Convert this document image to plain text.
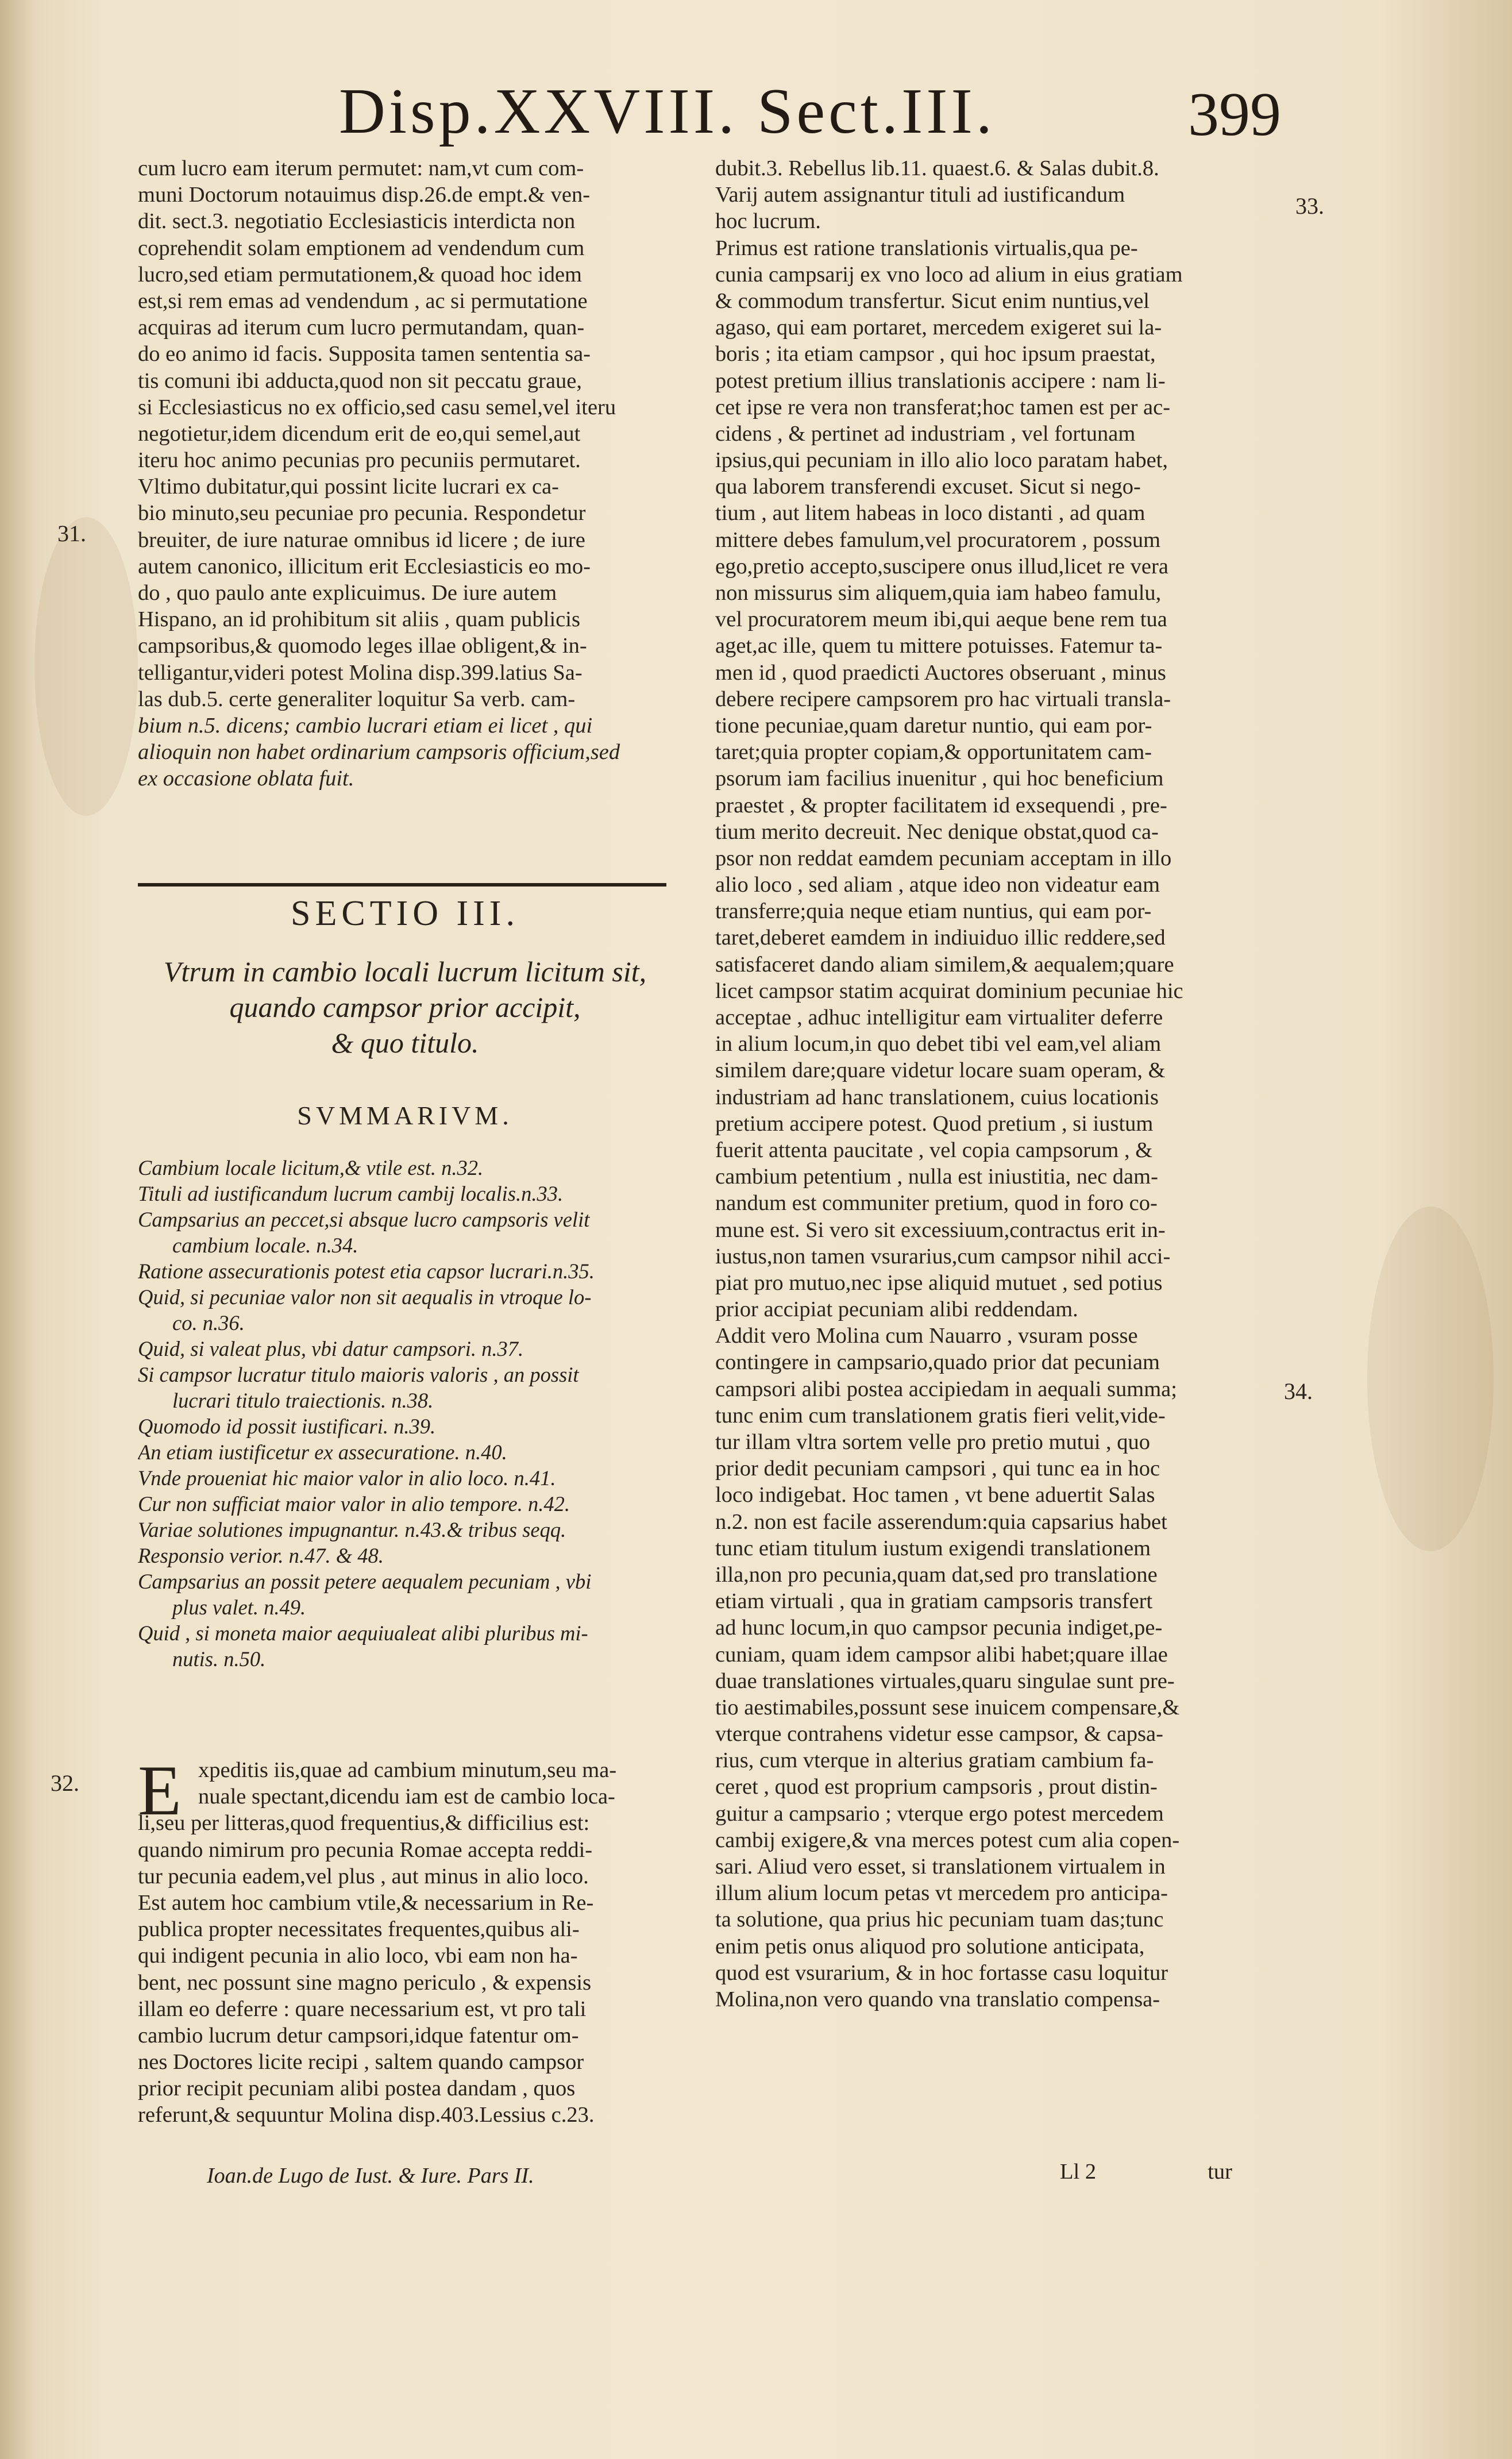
Disp.XXVIII. Sect.III.	399
31.
32.
33.
34.
cum lucro eam iterum permutet: nam,vt cum com-
muni Doctorum notauimus disp.26.de empt.& ven-
dit. sect.3. negotiatio Ecclesiasticis interdicta non
coprehendit solam emptionem ad vendendum cum
lucro,sed etiam permutationem,& quoad hoc idem
est,si rem emas ad vendendum , ac si permutatione
acquiras ad iterum cum lucro permutandam, quan-
do eo animo id facis. Supposita tamen sententia sa-
tis comuni ibi adducta,quod non sit peccatu graue,
si Ecclesiasticus no ex officio,sed casu semel,vel iteru
negotietur,idem dicendum erit de eo,qui semel,aut
iteru hoc animo pecunias pro pecuniis permutaret.
Vltimo dubitatur,qui possint licite lucrari ex ca-
bio minuto,seu pecuniae pro pecunia. Respondetur
breuiter, de iure naturae omnibus id licere ; de iure
autem canonico, illicitum erit Ecclesiasticis eo mo-
do , quo paulo ante explicuimus. De iure autem
Hispano, an id prohibitum sit aliis , quam publicis
campsoribus,& quomodo leges illae obligent,& in-
telligantur,videri potest Molina disp.399.latius Sa-
las dub.5. certe generaliter loquitur Sa verb. cam-
bium n.5. dicens; cambio lucrari etiam ei licet , qui
alioquin non habet ordinarium campsoris officium,sed
ex occasione oblata fuit.
SECTIO III.
Vtrum in cambio locali lucrum licitum sit,
quando campsor prior accipit,
& quo titulo.
SVMMARIVM.
Cambium locale licitum,& vtile est. n.32.
Tituli ad iustificandum lucrum cambij localis.n.33.
Campsarius an peccet,si absque lucro campsoris velit
cambium locale. n.34.
Ratione assecurationis potest etia capsor lucrari.n.35.
Quid, si pecuniae valor non sit aequalis in vtroque lo-
co. n.36.
Quid, si valeat plus, vbi datur campsori. n.37.
Si campsor lucratur titulo maioris valoris , an possit
lucrari titulo traiectionis. n.38.
Quomodo id possit iustificari. n.39.
An etiam iustificetur ex assecuratione. n.40.
Vnde proueniat hic maior valor in alio loco. n.41.
Cur non sufficiat maior valor in alio tempore. n.42.
Variae solutiones impugnantur. n.43.& tribus seqq.
Responsio verior. n.47. & 48.
Campsarius an possit petere aequalem pecuniam , vbi
plus valet. n.49.
Quid , si moneta maior aequiualeat alibi pluribus mi-
nutis. n.50.
E xpeditis iis,quae ad cambium minutum,seu ma-
nuale spectant,dicendu iam est de cambio loca-
li,seu per litteras,quod frequentius,& difficilius est:
quando nimirum pro pecunia Romae accepta reddi-
tur pecunia eadem,vel plus , aut minus in alio loco.
Est autem hoc cambium vtile,& necessarium in Re-
publica propter necessitates frequentes,quibus ali-
qui indigent pecunia in alio loco, vbi eam non ha-
bent, nec possunt sine magno periculo , & expensis
illam eo deferre : quare necessarium est, vt pro tali
cambio lucrum detur campsori,idque fatentur om-
nes Doctores licite recipi , saltem quando campsor
prior recipit pecuniam alibi postea dandam , quos
referunt,& sequuntur Molina disp.403.Lessius c.23.
Ioan.de Lugo de Iust. & Iure. Pars II.
dubit.3. Rebellus lib.11. quaest.6. & Salas dubit.8.
Varij autem assignantur tituli ad iustificandum
hoc lucrum.
Primus est ratione translationis virtualis,qua pe-
cunia campsarij ex vno loco ad alium in eius gratiam
& commodum transfertur. Sicut enim nuntius,vel
agaso, qui eam portaret, mercedem exigeret sui la-
boris ; ita etiam campsor , qui hoc ipsum praestat,
potest pretium illius translationis accipere : nam li-
cet ipse re vera non transferat;hoc tamen est per ac-
cidens , & pertinet ad industriam , vel fortunam
ipsius,qui pecuniam in illo alio loco paratam habet,
qua laborem transferendi excuset. Sicut si nego-
tium , aut litem habeas in loco distanti , ad quam
mittere debes famulum,vel procuratorem , possum
ego,pretio accepto,suscipere onus illud,licet re vera
non missurus sim aliquem,quia iam habeo famulu,
vel procuratorem meum ibi,qui aeque bene rem tua
aget,ac ille, quem tu mittere potuisses. Fatemur ta-
men id , quod praedicti Auctores obseruant , minus
debere recipere campsorem pro hac virtuali transla-
tione pecuniae,quam daretur nuntio, qui eam por-
taret;quia propter copiam,& opportunitatem cam-
psorum iam facilius inuenitur , qui hoc beneficium
praestet , & propter facilitatem id exsequendi , pre-
tium merito decreuit. Nec denique obstat,quod ca-
psor non reddat eamdem pecuniam acceptam in illo
alio loco , sed aliam , atque ideo non videatur eam
transferre;quia neque etiam nuntius, qui eam por-
taret,deberet eamdem in indiuiduo illic reddere,sed
satisfaceret dando aliam similem,& aequalem;quare
licet campsor statim acquirat dominium pecuniae hic
acceptae , adhuc intelligitur eam virtualiter deferre
in alium locum,in quo debet tibi vel eam,vel aliam
similem dare;quare videtur locare suam operam, &
industriam ad hanc translationem, cuius locationis
pretium accipere potest. Quod pretium , si iustum
fuerit attenta paucitate , vel copia campsorum , &
cambium petentium , nulla est iniustitia, nec dam-
nandum est communiter pretium, quod in foro co-
mune est. Si vero sit excessiuum,contractus erit in-
iustus,non tamen vsurarius,cum campsor nihil acci-
piat pro mutuo,nec ipse aliquid mutuet , sed potius
prior accipiat pecuniam alibi reddendam.
Addit vero Molina cum Nauarro , vsuram posse
contingere in campsario,quado prior dat pecuniam
campsori alibi postea accipiedam in aequali summa;
tunc enim cum translationem gratis fieri velit,vide-
tur illam vltra sortem velle pro pretio mutui , quo
prior dedit pecuniam campsori , qui tunc ea in hoc
loco indigebat. Hoc tamen , vt bene aduertit Salas
n.2. non est facile asserendum:quia capsarius habet
tunc etiam titulum iustum exigendi translationem
illa,non pro pecunia,quam dat,sed pro translatione
etiam virtuali , qua in gratiam campsoris transfert
ad hunc locum,in quo campsor pecunia indiget,pe-
cuniam, quam idem campsor alibi habet;quare illae
duae translationes virtuales,quaru singulae sunt pre-
tio aestimabiles,possunt sese inuicem compensare,&
vterque contrahens videtur esse campsor, & capsa-
rius, cum vterque in alterius gratiam cambium fa-
ceret , quod est proprium campsoris , prout distin-
guitur a campsario ; vterque ergo potest mercedem
cambij exigere,& vna merces potest cum alia copen-
sari. Aliud vero esset, si translationem virtualem in
illum alium locum petas vt mercedem pro anticipa-
ta solutione, qua prius hic pecuniam tuam das;tunc
enim petis onus aliquod pro solutione anticipata,
quod est vsurarium, & in hoc fortasse casu loquitur
Molina,non vero quando vna translatio compensa-
Ll 2	tur
